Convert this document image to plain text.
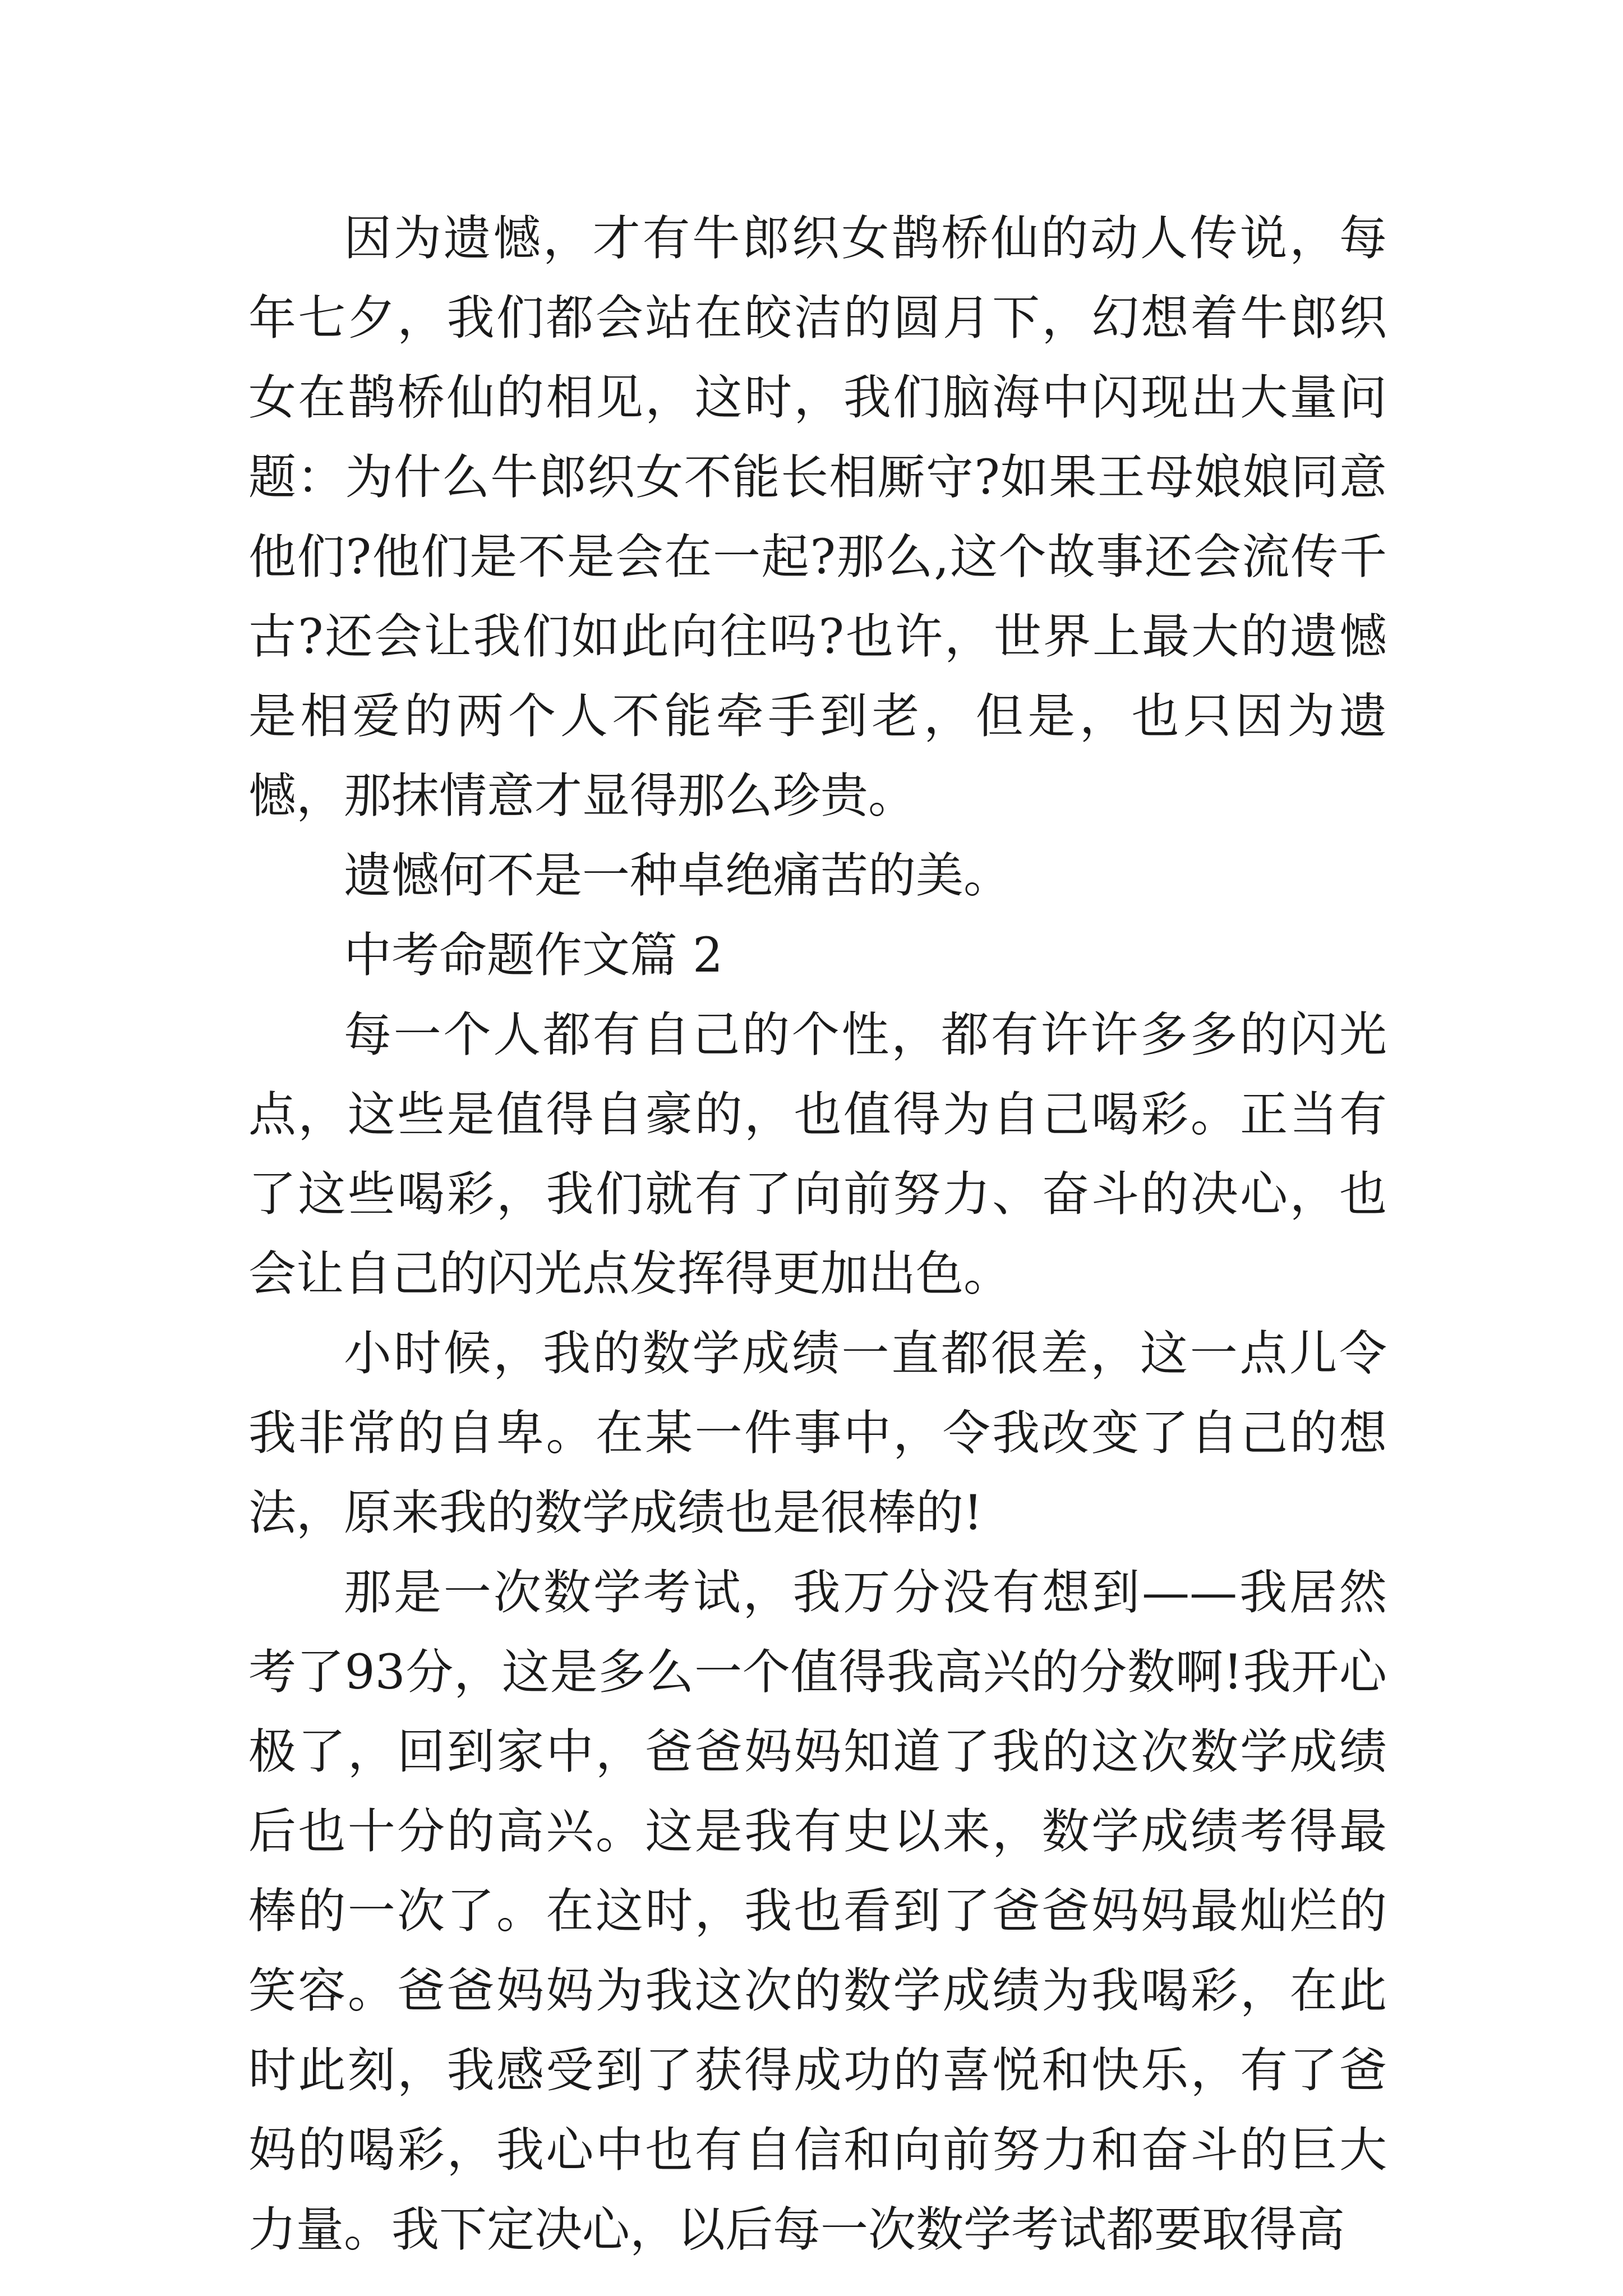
因为遗憾，才有牛郎织女鹊桥仙的动人传说，每年七夕，我们都会站在皎洁的圆月下，幻想着牛郎织女在鹊桥仙的相见，这时，我们脑海中闪现出大量问题：为什么牛郎织女不能长相厮守?如果王母娘娘同意他们?他们是不是会在一起?那么,这个故事还会流传千古?还会让我们如此向往吗?也许，世界上最大的遗憾是相爱的两个人不能牵手到老，但是，也只因为遗憾，那抹情意才显得那么珍贵。

遗憾何不是一种卓绝痛苦的美。

中考命题作文篇 2

每一个人都有自己的个性，都有许许多多的闪光点，这些是值得自豪的，也值得为自己喝彩。正当有了这些喝彩，我们就有了向前努力、奋斗的决心，也会让自己的闪光点发挥得更加出色。

小时候，我的数学成绩一直都很差，这一点儿令我非常的自卑。在某一件事中，令我改变了自己的想法，原来我的数学成绩也是很棒的!

那是一次数学考试，我万分没有想到——我居然考了93分，这是多么一个值得我高兴的分数啊!我开心极了，回到家中，爸爸妈妈知道了我的这次数学成绩后也十分的高兴。这是我有史以来，数学成绩考得最棒的一次了。在这时，我也看到了爸爸妈妈最灿烂的笑容。爸爸妈妈为我这次的数学成绩为我喝彩，在此时此刻，我感受到了获得成功的喜悦和快乐，有了爸妈的喝彩，我心中也有自信和向前努力和奋斗的巨大力量。我下定决心，以后每一次数学考试都要取得高
